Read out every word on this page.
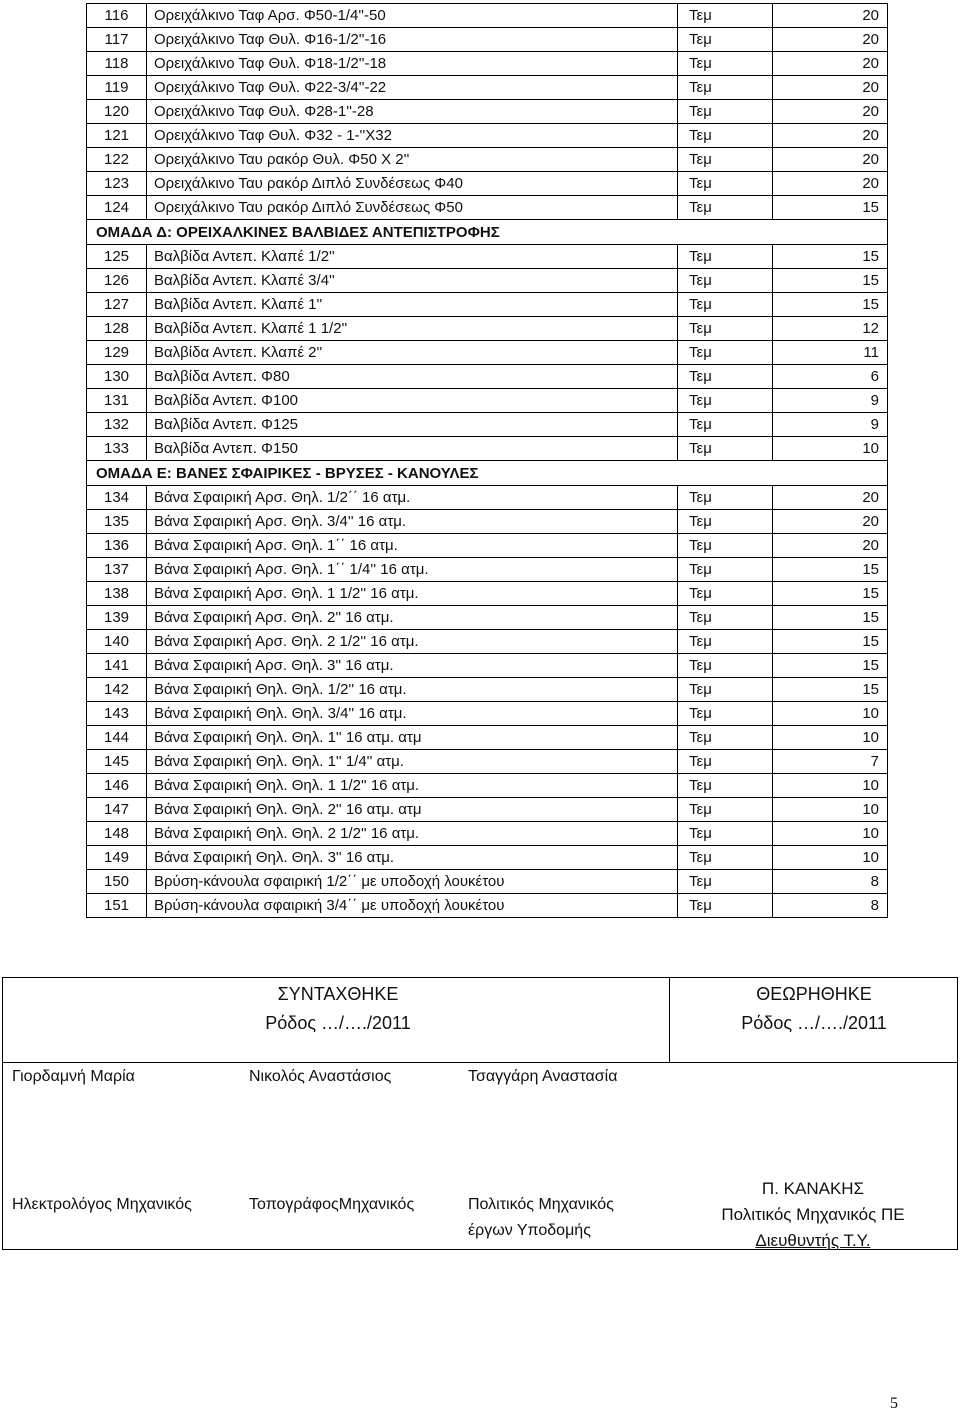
116	Ορειχάλκινο Ταφ Αρσ. Φ50-1/4''-50	Τεμ	20
117	Ορειχάλκινο Ταφ Θυλ. Φ16-1/2''-16	Τεμ	20
118	Ορειχάλκινο Ταφ Θυλ. Φ18-1/2''-18	Τεμ	20
119	Ορειχάλκινο Ταφ Θυλ. Φ22-3/4''-22	Τεμ	20
120	Ορειχάλκινο Ταφ Θυλ. Φ28-1''-28	Τεμ	20
121	Ορειχάλκινο Ταφ Θυλ. Φ32 - 1-''Χ32	Τεμ	20
122	Ορειχάλκινο Ταυ ρακόρ Θυλ. Φ50 Χ 2''	Τεμ	20
123	Ορειχάλκινο Ταυ ρακόρ Διπλό Συνδέσεως Φ40	Τεμ	20
124	Ορειχάλκινο Ταυ ρακόρ Διπλό Συνδέσεως Φ50	Τεμ	15
ΟΜΑΔΑ Δ: ΟΡΕΙΧΑΛΚΙΝΕΣ ΒΑΛΒΙΔΕΣ ΑΝΤΕΠΙΣΤΡΟΦΗΣ			
125	Βαλβίδα Αντεπ. Κλαπέ 1/2''	Τεμ	15
126	Βαλβίδα Αντεπ. Κλαπέ 3/4''	Τεμ	15
127	Βαλβίδα Αντεπ. Κλαπέ 1''	Τεμ	15
128	Βαλβίδα Αντεπ. Κλαπέ 1 1/2''	Τεμ	12
129	Βαλβίδα Αντεπ. Κλαπέ 2''	Τεμ	11
130	Βαλβίδα Αντεπ. Φ80	Τεμ	6
131	Βαλβίδα Αντεπ. Φ100	Τεμ	9
132	Βαλβίδα Αντεπ. Φ125	Τεμ	9
133	Βαλβίδα Αντεπ. Φ150	Τεμ	10
ΟΜΑΔΑ Ε: ΒΑΝΕΣ ΣΦΑΙΡΙΚΕΣ - ΒΡΥΣΕΣ - ΚΑΝΟΥΛΕΣ			
134	Βάνα Σφαιρική Αρσ. Θηλ. 1/2΄΄ 16 ατμ.	Τεμ	20
135	Βάνα Σφαιρική Αρσ. Θηλ. 3/4'' 16 ατμ.	Τεμ	20
136	Βάνα Σφαιρική Αρσ. Θηλ. 1΄΄ 16 ατμ.	Τεμ	20
137	Βάνα Σφαιρική Αρσ. Θηλ. 1΄΄ 1/4'' 16 ατμ.	Τεμ	15
138	Βάνα Σφαιρική Αρσ. Θηλ. 1 1/2'' 16 ατμ.	Τεμ	15
139	Βάνα Σφαιρική Αρσ. Θηλ. 2'' 16 ατμ.	Τεμ	15
140	Βάνα Σφαιρική Αρσ. Θηλ. 2 1/2'' 16 ατμ.	Τεμ	15
141	Βάνα Σφαιρική Αρσ. Θηλ. 3'' 16 ατμ.	Τεμ	15
142	Βάνα Σφαιρική Θηλ. Θηλ. 1/2'' 16 ατμ.	Τεμ	15
143	Βάνα Σφαιρική Θηλ. Θηλ. 3/4'' 16 ατμ.	Τεμ	10
144	Βάνα Σφαιρική Θηλ. Θηλ. 1'' 16 ατμ. ατμ	Τεμ	10
145	Βάνα Σφαιρική Θηλ. Θηλ. 1'' 1/4'' ατμ.	Τεμ	7
146	Βάνα Σφαιρική Θηλ. Θηλ. 1 1/2'' 16 ατμ.	Τεμ	10
147	Βάνα Σφαιρική Θηλ. Θηλ. 2'' 16 ατμ. ατμ	Τεμ	10
148	Βάνα Σφαιρική Θηλ. Θηλ. 2 1/2'' 16 ατμ.	Τεμ	10
149	Βάνα Σφαιρική Θηλ. Θηλ. 3'' 16 ατμ.	Τεμ	10
150	Βρύση-κάνουλα σφαιρική 1/2΄΄ με υποδοχή λουκέτου	Τεμ	8
151	Βρύση-κάνουλα σφαιρική 3/4΄΄ με υποδοχή λουκέτου	Τεμ	8
ΣΥΝΤΑΧΘΗΚΕ
Ρόδος …/…./2011
ΘΕΩΡΗΘΗΚΕ
Ρόδος …/…./2011
Γιορδαμνή Μαρία	Νικολός Αναστάσιος	Τσαγγάρη Αναστασία
Ηλεκτρολόγος Μηχανικός	ΤοπογράφοςΜηχανικός	Πολιτικός Μηχανικός
έργων Υποδομής
Π. ΚΑΝΑΚΗΣ
Πολιτικός Μηχανικός ΠΕ
Διευθυντής Τ.Υ.
5
